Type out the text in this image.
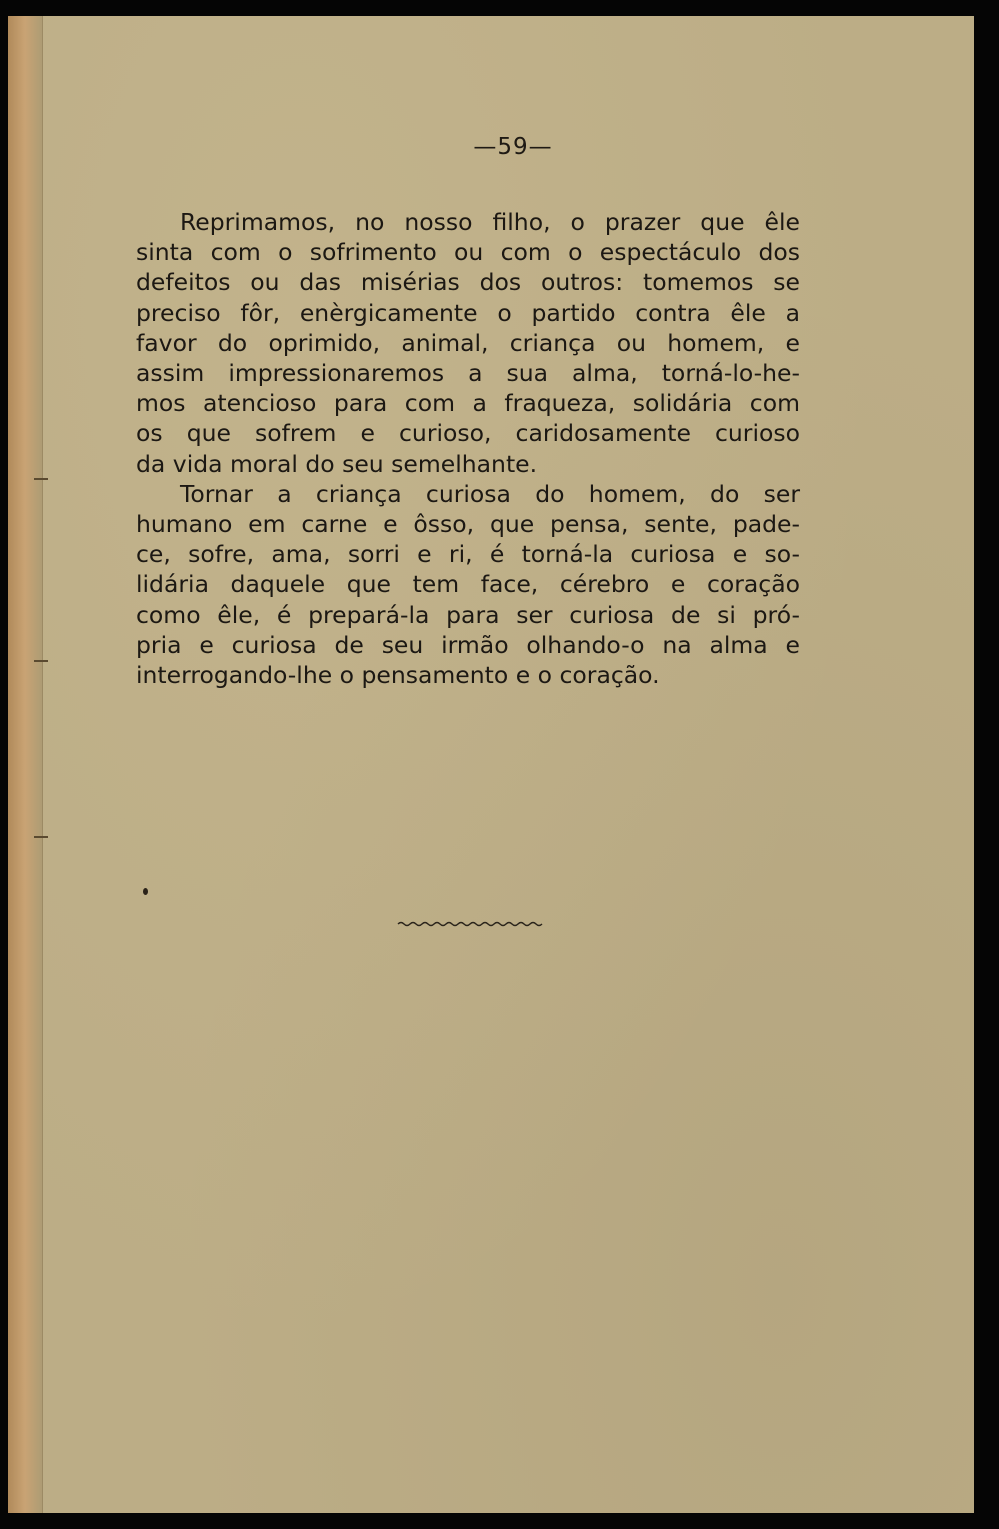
—59—
Reprimamos, no nosso filho, o prazer que êle
sinta com o sofrimento ou com o espectáculo dos
defeitos ou das misérias dos outros: tomemos se
preciso fôr, enèrgicamente o partido contra êle a
favor do oprimido, animal, criança ou homem, e
assim impressionaremos a sua alma, torná-lo-he-
mos atencioso para com a fraqueza, solidária com
os que sofrem e curioso, caridosamente curioso
da vida moral do seu semelhante.
Tornar a criança curiosa do homem, do ser
humano em carne e ôsso, que pensa, sente, pade-
ce, sofre, ama, sorri e ri, é torná-la curiosa e so-
lidária daquele que tem face, cérebro e coração
como êle, é prepará-la para ser curiosa de si pró-
pria e curiosa de seu irmão olhando-o na alma e
interrogando-lhe o pensamento e o coração.
